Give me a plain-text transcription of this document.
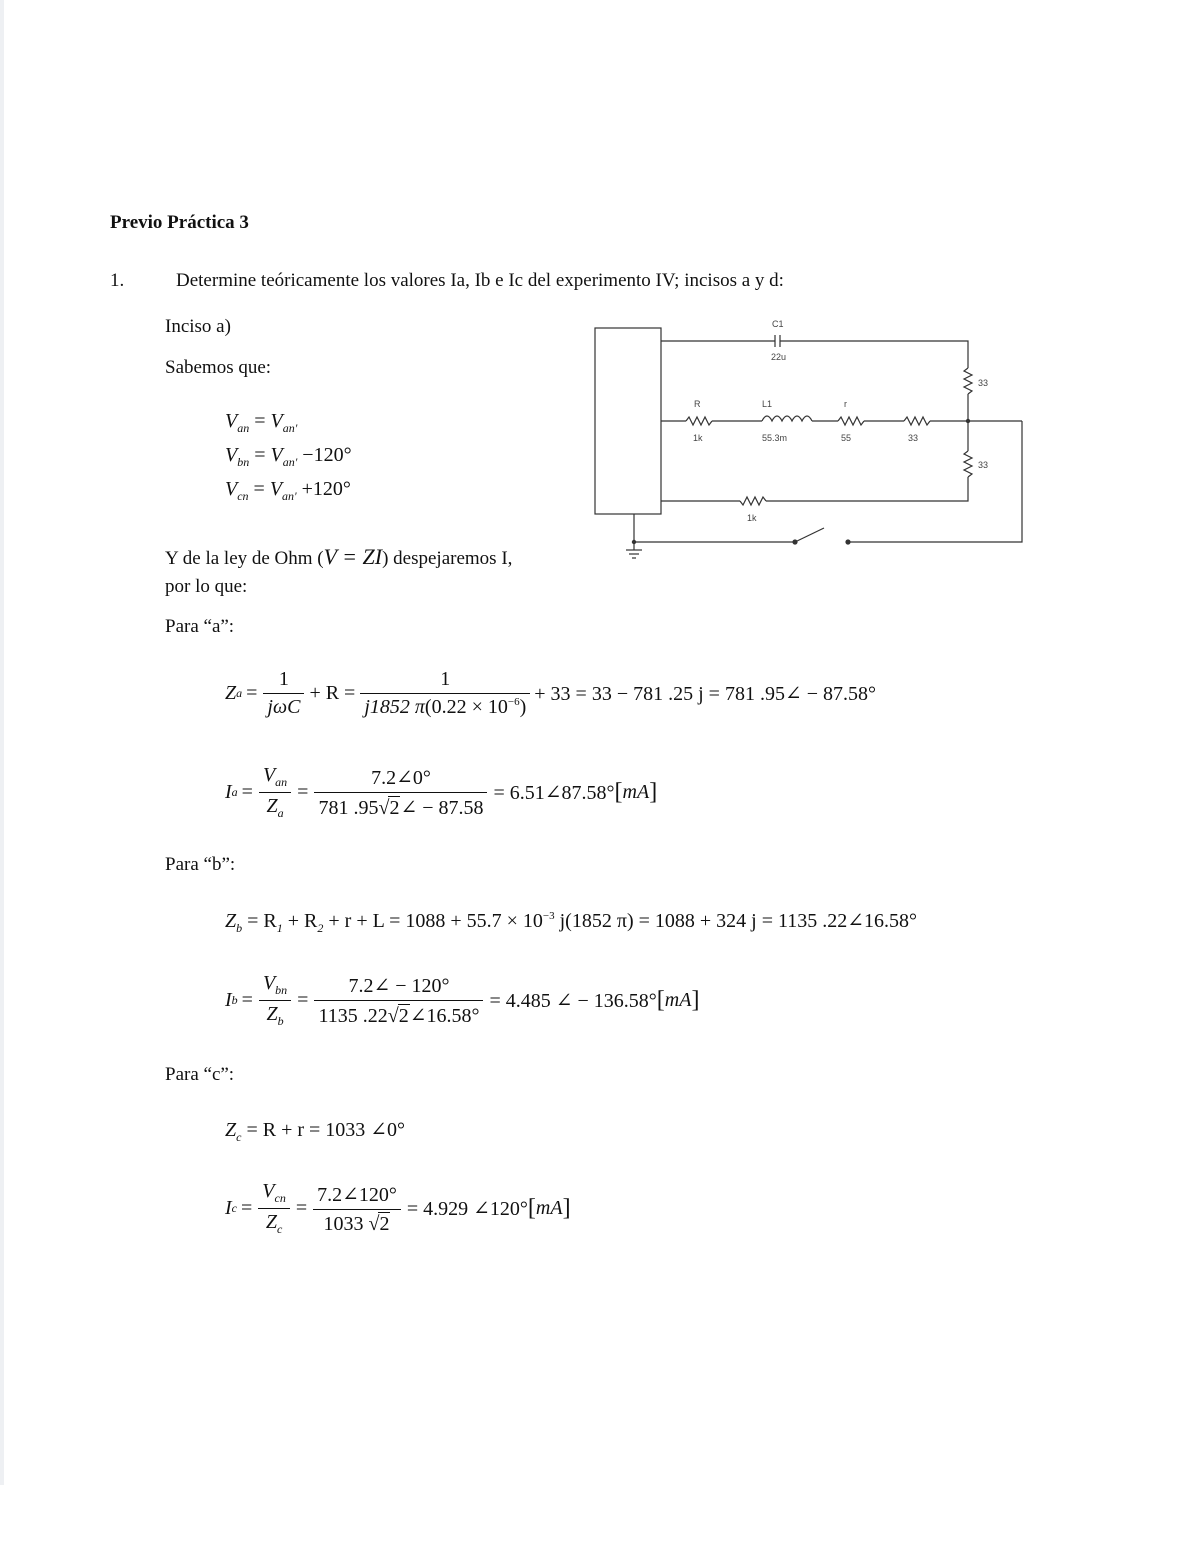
Previo Práctica 3
1.	Determine teóricamente los valores Ia, Ib e Ic del experimento IV; incisos a y d:
Inciso a)
Sabemos que:
$V_{an} = V_{an'}$
$V_{bn} = V_{an'} -120^\circ$
$V_{cn} = V_{an'} +120^\circ$
Y de la ley de Ohm (V = ZI) despejaremos I,
por lo que:
C1
22u
R
1k
L1
55.3m
r
55	33
33
33
1k
Para “a”:
Z $a = \frac{1}{\text{jωC}} + R = \frac{1}{j1852 \pi(0.22 \times 10^{-6})} + 33 = 33 - 781$ .25 j = 781 .95∠ − 87.58°
I $a = \frac{V_{an}}{Z_a} = \frac{7.2\angle 0^\circ}{781 .95√2\angle - 87.58}$ = 6.51∠87.58° [ mA ]
Para “b”:
$Z_b = R_1 + R_2 + r + L = 1088 + 55.7 \times 10^{-3}$ j(1852 π) = 1088 + 324 j = 1135 .22∠16.58°
I $b = \frac{V_{bn}}{Z_b} = \frac{7.2\angle - 120^\circ}{1135 .22√2\angle 16.58^\circ} = 4.485$ ∠ − 136.58° [ mA ]
Para “c”:
$Z_c = R + r = 1033$ ∠0°
I $c = \frac{V_{cn}}{Z_c} = \frac{7.2\angle 120^\circ}{1033 √2} = 4.929$ ∠120° [ mA ]
